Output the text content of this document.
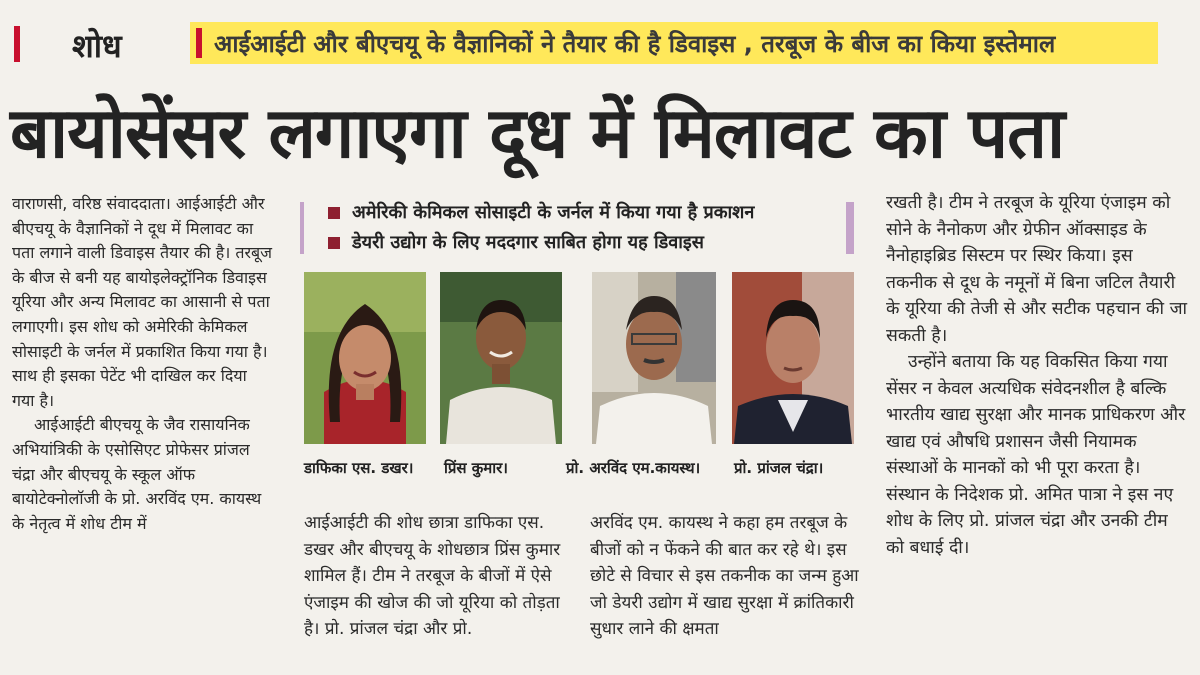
शोध	आईआईटी और बीएचयू के वैज्ञानिकों ने तैयार की है डिवाइस , तरबूज के बीज का किया इस्तेमाल
बायोसेंसर लगाएगा दूध में मिलावट का पता

वाराणसी, वरिष्ठ संवाददाता। आईआईटी और बीएचयू के वैज्ञानिकों ने दूध में मिलावट का पता लगाने वाली डिवाइस तैयार की है। तरबूज के बीज से बनी यह बायोइलेक्ट्रॉनिक डिवाइस यूरिया और अन्य मिलावट का आसानी से पता लगाएगी। इस शोध को अमेरिकी केमिकल सोसाइटी के जर्नल में प्रकाशित किया गया है। साथ ही इसका पेटेंट भी दाखिल कर दिया गया है।

आईआईटी बीएचयू के जैव रासायनिक अभियांत्रिकी के एसोसिएट प्रोफेसर प्रांजल चंद्रा और बीएचयू के स्कूल ऑफ बायोटेक्नोलॉजी के प्रो. अरविंद एम. कायस्थ के नेतृत्व में शोध टीम में

अमेरिकी केमिकल सोसाइटी के जर्नल में किया गया है प्रकाशन
डेयरी उद्योग के लिए मददगार साबित होगा यह डिवाइस
डाफिका एस. डखर। प्रिंस कुमार।	प्रो. अरविंद एम.कायस्थ। प्रो. प्रांजल चंद्रा।

आईआईटी की शोध छात्रा डाफिका एस. डखर और बीएचयू के शोधछात्र प्रिंस कुमार शामिल हैं। टीम ने तरबूज के बीजों में ऐसे एंजाइम की खोज की जो यूरिया को तोड़ता है। प्रो. प्रांजल चंद्रा और प्रो.

अरविंद एम. कायस्थ ने कहा हम तरबूज के बीजों को न फेंकने की बात कर रहे थे। इस छोटे से विचार से इस तकनीक का जन्म हुआ जो डेयरी उद्योग में खाद्य सुरक्षा में क्रांतिकारी सुधार लाने की क्षमता

रखती है। टीम ने तरबूज के यूरिया एंजाइम को सोने के नैनोकण और ग्रेफीन ऑक्साइड के नैनोहाइब्रिड सिस्टम पर स्थिर किया। इस तकनीक से दूध के नमूनों में बिना जटिल तैयारी के यूरिया की तेजी से और सटीक पहचान की जा सकती है।

उन्होंने बताया कि यह विकसित किया गया सेंसर न केवल अत्यधिक संवेदनशील है बल्कि भारतीय खाद्य सुरक्षा और मानक प्राधिकरण और खाद्य एवं औषधि प्रशासन जैसी नियामक संस्थाओं के मानकों को भी पूरा करता है। संस्थान के निदेशक प्रो. अमित पात्रा ने इस नए शोध के लिए प्रो. प्रांजल चंद्रा और उनकी टीम को बधाई दी।
